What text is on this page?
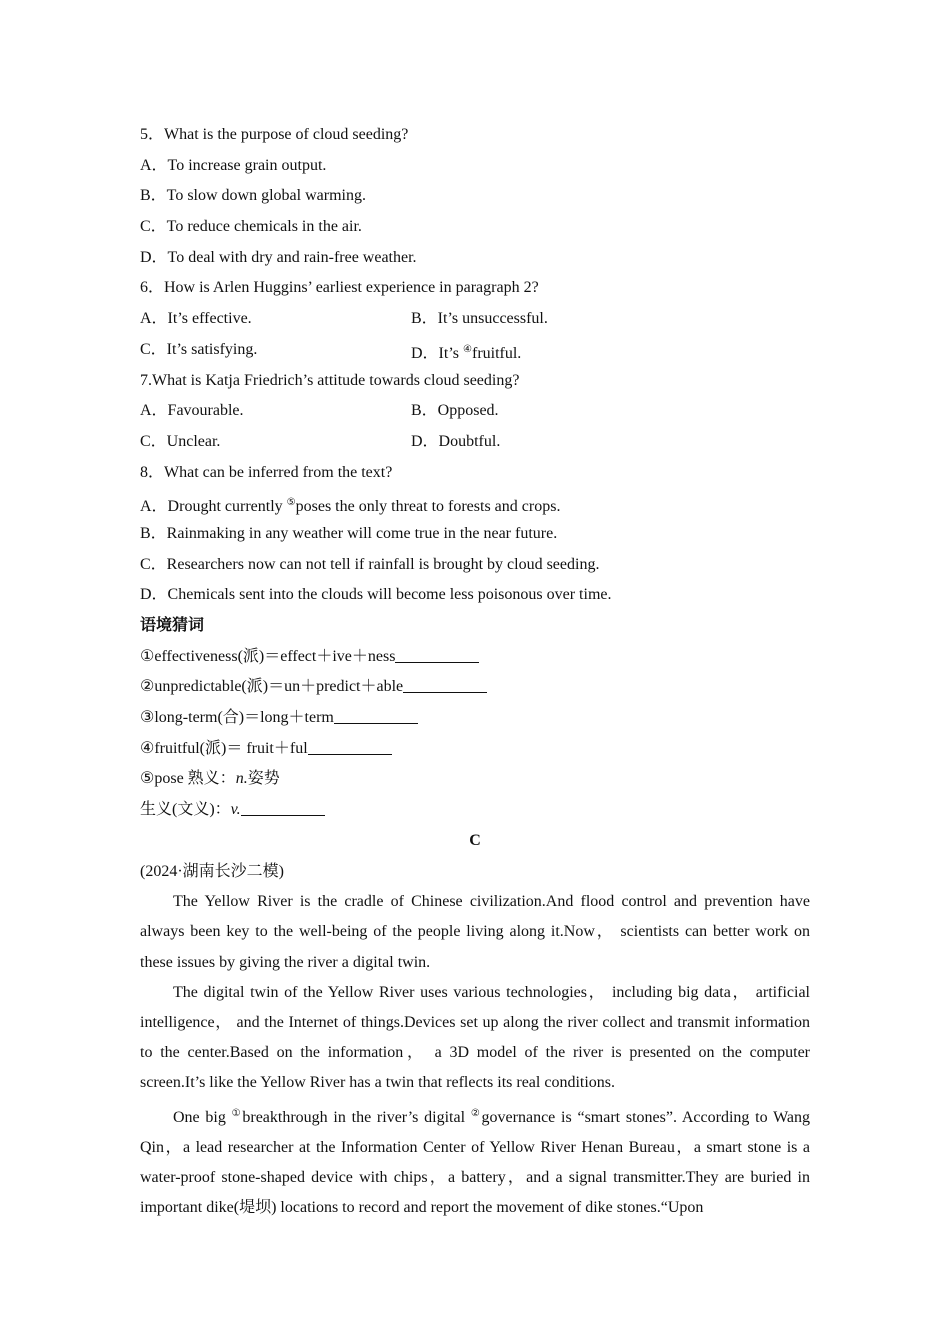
5．What is the purpose of cloud seeding?
A．To increase grain output.
B．To slow down global warming.
C．To reduce chemicals in the air.
D．To deal with dry and rain-free weather.
6．How is Arlen Huggins’ earliest experience in paragraph 2?
A．It’s effective.	B．It’s unsuccessful.
C．It’s satisfying.	D．It’s ④fruitful.
7.What is Katja Friedrich’s attitude towards cloud seeding?
A．Favourable.	B．Opposed.
C．Unclear.	D．Doubtful.
8．What can be inferred from the text?
A．Drought currently ⑤poses the only threat to forests and crops.
B．Rainmaking in any weather will come true in the near future.
C．Researchers now can not tell if rainfall is brought by cloud seeding.
D．Chemicals sent into the clouds will become less poisonous over time.
语境猜词
①effectiveness(派)＝effect＋ive＋ness
②unpredictable(派)＝un＋predict＋able
③long-term(合)＝long＋term
④fruitful(派)＝ fruit＋ful
⑤pose 熟义：n.姿势
生义(文义)：v.
C
(2024·湖南长沙二模)

The Yellow River is the cradle of Chinese civilization.And flood control and prevention have always been key to the well-being of the people living along it.Now， scientists can better work on these issues by giving the river a digital twin.

The digital twin of the Yellow River uses various technologies， including big data， artificial intelligence， and the Internet of things.Devices set up along the river collect and transmit information to the center.Based on the information， a 3D model of the river is presented on the computer screen.It’s like the Yellow River has a twin that reflects its real conditions.

One big ①breakthrough in the river’s digital ②governance is “smart stones”. According to Wang Qin，a lead researcher at the Information Center of Yellow River Henan Bureau，a smart stone is a water-proof stone-shaped device with chips，a battery，and a signal transmitter.They are buried in important dike(堤坝) locations to record and report the movement of dike stones.“Upon
